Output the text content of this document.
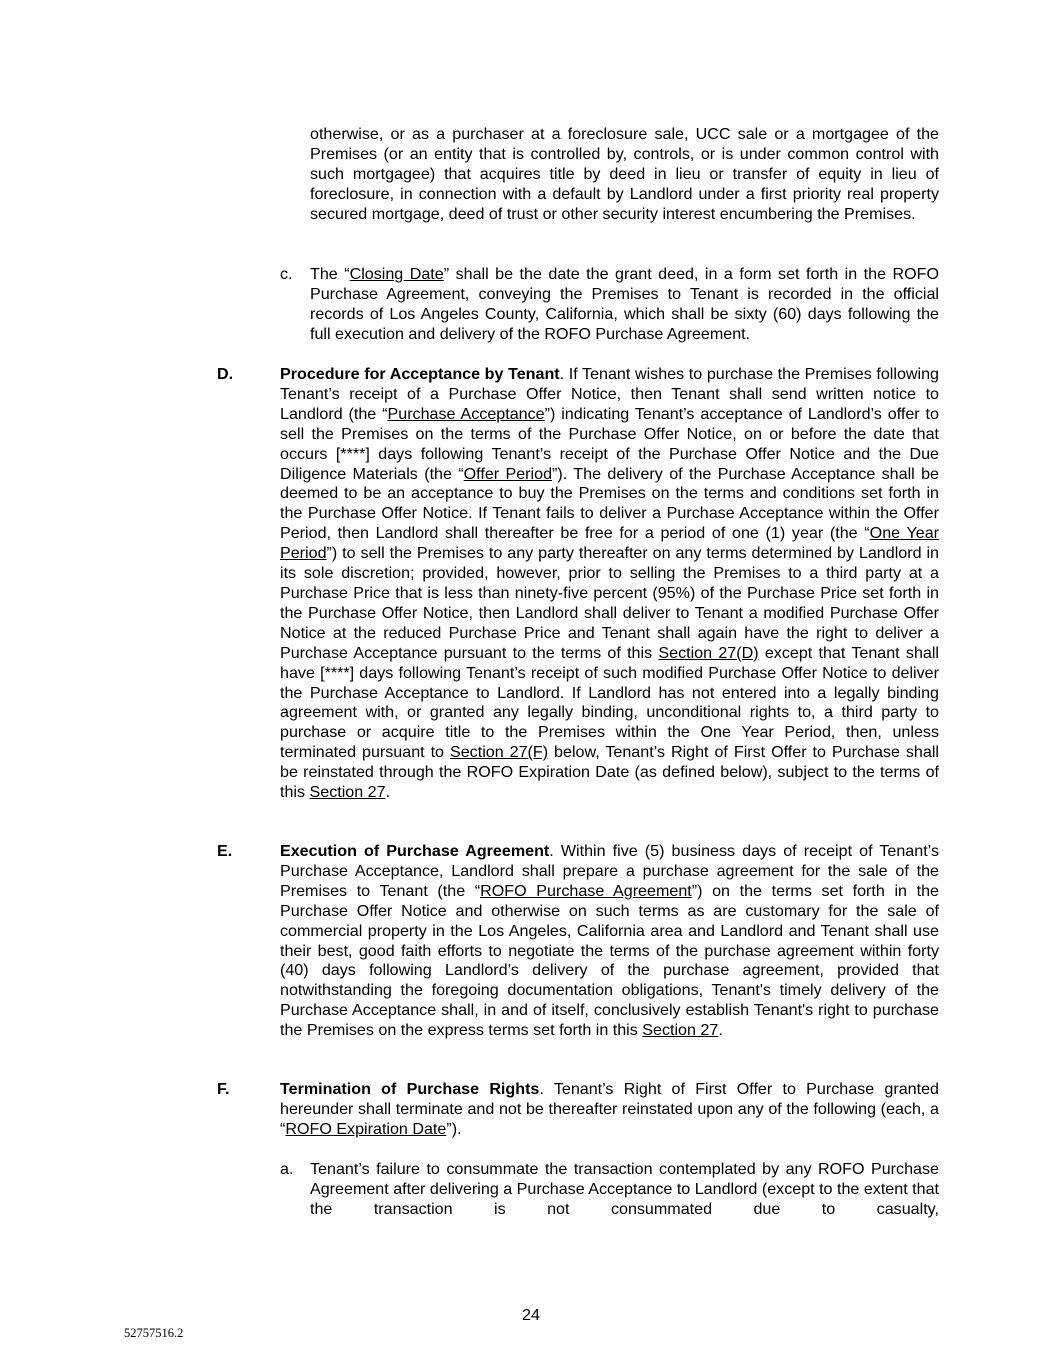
otherwise, or as a purchaser at a foreclosure sale, UCC sale or a mortgagee of the Premises (or an entity that is controlled by, controls, or is under common control with such mortgagee) that acquires title by deed in lieu or transfer of equity in lieu of foreclosure, in connection with a default by Landlord under a first priority real property secured mortgage, deed of trust or other security interest encumbering the Premises.

c.	The “Closing Date” shall be the date the grant deed, in a form set forth in the ROFO Purchase Agreement, conveying the Premises to Tenant is recorded in the official records of Los Angeles County, California, which shall be sixty (60) days following the full execution and delivery of the ROFO Purchase Agreement.

D.	Procedure for Acceptance by Tenant. If Tenant wishes to purchase the Premises following Tenant’s receipt of a Purchase Offer Notice, then Tenant shall send written notice to Landlord (the “Purchase Acceptance”) indicating Tenant’s acceptance of Landlord’s offer to sell the Premises on the terms of the Purchase Offer Notice, on or before the date that occurs [****] days following Tenant’s receipt of the Purchase Offer Notice and the Due Diligence Materials (the “Offer Period”). The delivery of the Purchase Acceptance shall be deemed to be an acceptance to buy the Premises on the terms and conditions set forth in the Purchase Offer Notice. If Tenant fails to deliver a Purchase Acceptance within the Offer Period, then Landlord shall thereafter be free for a period of one (1) year (the “One Year Period”) to sell the Premises to any party thereafter on any terms determined by Landlord in its sole discretion; provided, however, prior to selling the Premises to a third party at a Purchase Price that is less than ninety-five percent (95%) of the Purchase Price set forth in the Purchase Offer Notice, then Landlord shall deliver to Tenant a modified Purchase Offer Notice at the reduced Purchase Price and Tenant shall again have the right to deliver a Purchase Acceptance pursuant to the terms of this Section 27(D) except that Tenant shall have [****] days following Tenant’s receipt of such modified Purchase Offer Notice to deliver the Purchase Acceptance to Landlord. If Landlord has not entered into a legally binding agreement with, or granted any legally binding, unconditional rights to, a third party to purchase or acquire title to the Premises within the One Year Period, then, unless terminated pursuant to Section 27(F) below, Tenant’s Right of First Offer to Purchase shall be reinstated through the ROFO Expiration Date (as defined below), subject to the terms of this Section 27.

E.	Execution of Purchase Agreement. Within five (5) business days of receipt of Tenant’s Purchase Acceptance, Landlord shall prepare a purchase agreement for the sale of the Premises to Tenant (the “ROFO Purchase Agreement”) on the terms set forth in the Purchase Offer Notice and otherwise on such terms as are customary for the sale of commercial property in the Los Angeles, California area and Landlord and Tenant shall use their best, good faith efforts to negotiate the terms of the purchase agreement within forty (40) days following Landlord’s delivery of the purchase agreement, provided that notwithstanding the foregoing documentation obligations, Tenant's timely delivery of the Purchase Acceptance shall, in and of itself, conclusively establish Tenant's right to purchase the Premises on the express terms set forth in this Section 27.

F.	Termination of Purchase Rights. Tenant’s Right of First Offer to Purchase granted hereunder shall terminate and not be thereafter reinstated upon any of the following (each, a “ROFO Expiration Date”).

a.	Tenant’s failure to consummate the transaction contemplated by any ROFO Purchase Agreement after delivering a Purchase Acceptance to Landlord (except to the extent that the transaction is not consummated due to casualty,

24
52757516.2
